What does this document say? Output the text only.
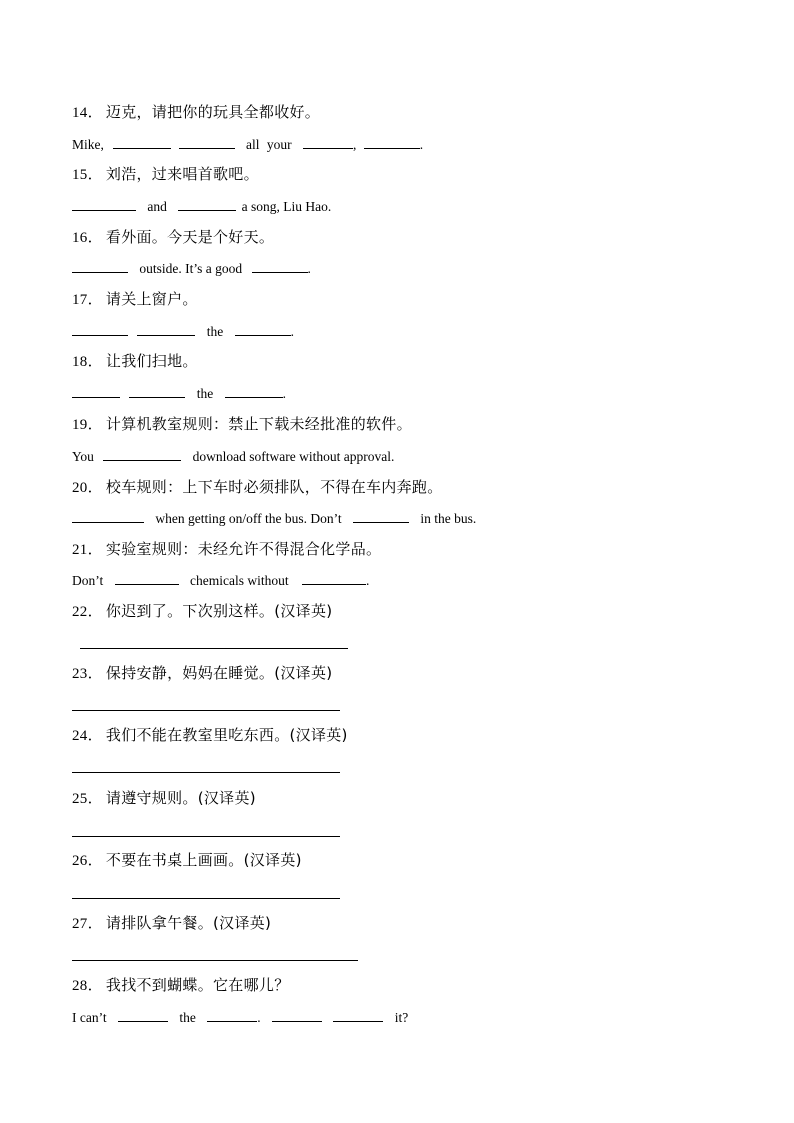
14． 迈克，请把你的玩具全都收好。
Mike,	all your	,	.
15． 刘浩，过来唱首歌吧。
and	a song, Liu Hao.
16． 看外面。今天是个好天。
outside. It’s a good	.
17． 请关上窗户。
the	.
18． 让我们扫地。
the	.
19． 计算机教室规则：禁止下载未经批准的软件。
You	download software without approval.
20． 校车规则：上下车时必须排队，不得在车内奔跑。
when getting on/off the bus. Don’t	in the bus.
21． 实验室规则：未经允许不得混合化学品。
Don’t	chemicals without	.
22． 你迟到了。下次别这样。(汉译英)
23． 保持安静，妈妈在睡觉。(汉译英)
24． 我们不能在教室里吃东西。(汉译英)
25． 请遵守规则。(汉译英)
26． 不要在书桌上画画。(汉译英)
27． 请排队拿午餐。(汉译英)
28． 我找不到蝴蝶。它在哪儿？
I can’t	the	.	it?
